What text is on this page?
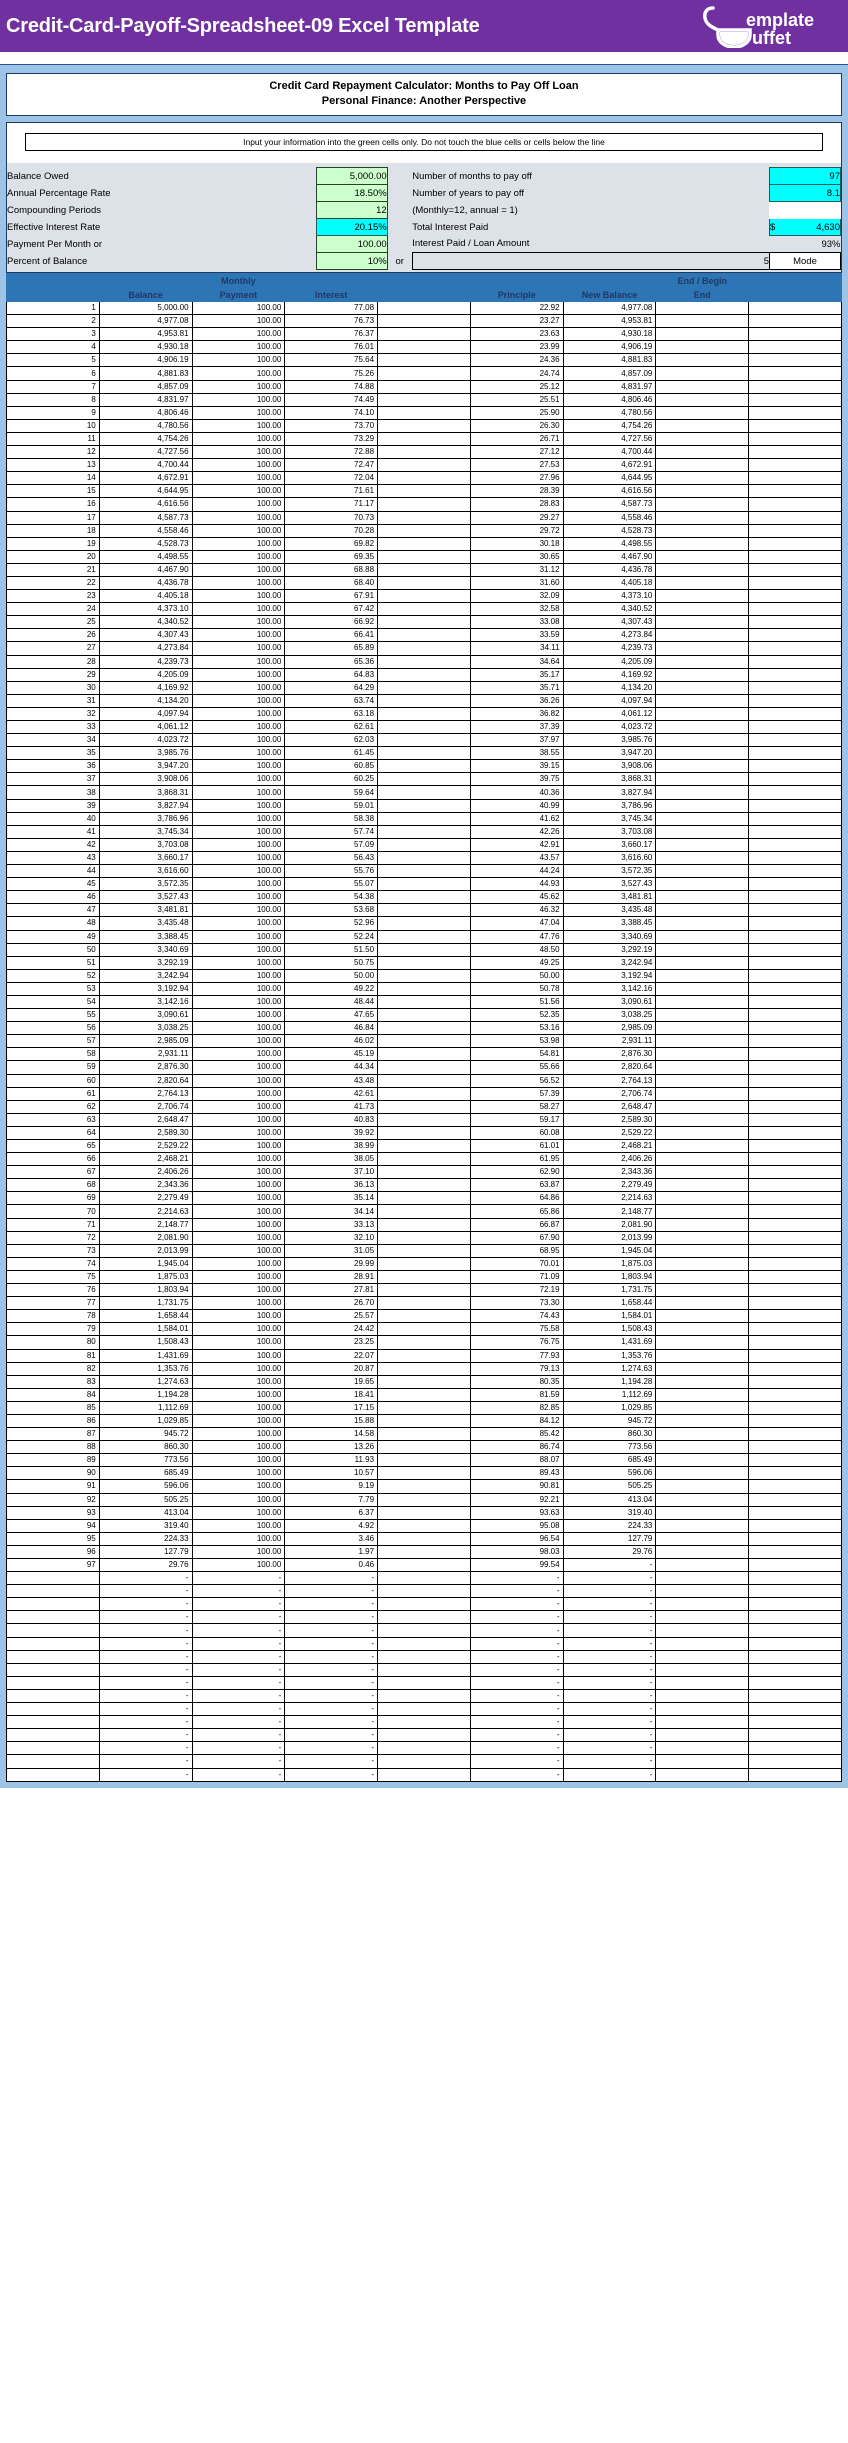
Credit-Card-Payoff-Spreadsheet-09 Excel Template	emplate
uffet
Credit Card Repayment Calculator: Months to Pay Off Loan
Personal Finance: Another Perspective
Input your information into the green cells only. Do not touch the blue cells or cells below the line
Balance Owed	5,000.00		Number of months to pay off	97
Annual Percentage Rate	18.50%		Number of years to pay off	8.1
Compounding Periods	12		(Monthly=12, annual = 1)	
Effective Interest Rate	20.15%		Total Interest Paid	$ 4,630

Payment Per Month or	100.00		Interest Paid / Loan Amount	93%
Percent of Balance	10%	or	5	Mode
		Monthly					End / Begin	
	Balance	Payment	Interest		Principle	New Balance	End	
1	5,000.00	100.00	77.08		22.92	4,977.08		
2	4,977.08	100.00	76.73		23.27	4,953.81		
3	4,953.81	100.00	76.37		23.63	4,930.18		
4	4,930.18	100.00	76.01		23.99	4,906.19		
5	4,906.19	100.00	75.64		24.36	4,881.83		
6	4,881.83	100.00	75.26		24.74	4,857.09		
7	4,857.09	100.00	74.88		25.12	4,831.97		
8	4,831.97	100.00	74.49		25.51	4,806.46		
9	4,806.46	100.00	74.10		25.90	4,780.56		
10	4,780.56	100.00	73.70		26.30	4,754.26		
11	4,754.26	100.00	73.29		26.71	4,727.56		
12	4,727.56	100.00	72.88		27.12	4,700.44		
13	4,700.44	100.00	72.47		27.53	4,672.91		
14	4,672.91	100.00	72.04		27.96	4,644.95		
15	4,644.95	100.00	71.61		28.39	4,616.56		
16	4,616.56	100.00	71.17		28.83	4,587.73		
17	4,587.73	100.00	70.73		29.27	4,558.46		
18	4,558.46	100.00	70.28		29.72	4,528.73		
19	4,528.73	100.00	69.82		30.18	4,498.55		
20	4,498.55	100.00	69.35		30.65	4,467.90		
21	4,467.90	100.00	68.88		31.12	4,436.78		
22	4,436.78	100.00	68.40		31.60	4,405.18		
23	4,405.18	100.00	67.91		32.09	4,373.10		
24	4,373.10	100.00	67.42		32.58	4,340.52		
25	4,340.52	100.00	66.92		33.08	4,307.43		
26	4,307.43	100.00	66.41		33.59	4,273.84		
27	4,273.84	100.00	65.89		34.11	4,239.73		
28	4,239.73	100.00	65.36		34.64	4,205.09		
29	4,205.09	100.00	64.83		35.17	4,169.92		
30	4,169.92	100.00	64.29		35.71	4,134.20		
31	4,134.20	100.00	63.74		36.26	4,097.94		
32	4,097.94	100.00	63.18		36.82	4,061.12		
33	4,061.12	100.00	62.61		37.39	4,023.72		
34	4,023.72	100.00	62.03		37.97	3,985.76		
35	3,985.76	100.00	61.45		38.55	3,947.20		
36	3,947.20	100.00	60.85		39.15	3,908.06		
37	3,908.06	100.00	60.25		39.75	3,868.31		
38	3,868.31	100.00	59.64		40.36	3,827.94		
39	3,827.94	100.00	59.01		40.99	3,786.96		
40	3,786.96	100.00	58.38		41.62	3,745.34		
41	3,745.34	100.00	57.74		42.26	3,703.08		
42	3,703.08	100.00	57.09		42.91	3,660.17		
43	3,660.17	100.00	56.43		43.57	3,616.60		
44	3,616.60	100.00	55.76		44.24	3,572.35		
45	3,572.35	100.00	55.07		44.93	3,527.43		
46	3,527.43	100.00	54.38		45.62	3,481.81		
47	3,481.81	100.00	53.68		46.32	3,435.48		
48	3,435.48	100.00	52.96		47.04	3,388.45		
49	3,388.45	100.00	52.24		47.76	3,340.69		
50	3,340.69	100.00	51.50		48.50	3,292.19		
51	3,292.19	100.00	50.75		49.25	3,242.94		
52	3,242.94	100.00	50.00		50.00	3,192.94		
53	3,192.94	100.00	49.22		50.78	3,142.16		
54	3,142.16	100.00	48.44		51.56	3,090.61		
55	3,090.61	100.00	47.65		52.35	3,038.25		
56	3,038.25	100.00	46.84		53.16	2,985.09		
57	2,985.09	100.00	46.02		53.98	2,931.11		
58	2,931.11	100.00	45.19		54.81	2,876.30		
59	2,876.30	100.00	44.34		55.66	2,820.64		
60	2,820.64	100.00	43.48		56.52	2,764.13		
61	2,764.13	100.00	42.61		57.39	2,706.74		
62	2,706.74	100.00	41.73		58.27	2,648.47		
63	2,648.47	100.00	40.83		59.17	2,589.30		
64	2,589.30	100.00	39.92		60.08	2,529.22		
65	2,529.22	100.00	38.99		61.01	2,468.21		
66	2,468.21	100.00	38.05		61.95	2,406.26		
67	2,406.26	100.00	37.10		62.90	2,343.36		
68	2,343.36	100.00	36.13		63.87	2,279.49		
69	2,279.49	100.00	35.14		64.86	2,214.63		
70	2,214.63	100.00	34.14		65.86	2,148.77		
71	2,148.77	100.00	33.13		66.87	2,081.90		
72	2,081.90	100.00	32.10		67.90	2,013.99		
73	2,013.99	100.00	31.05		68.95	1,945.04		
74	1,945.04	100.00	29.99		70.01	1,875.03		
75	1,875.03	100.00	28.91		71.09	1,803.94		
76	1,803.94	100.00	27.81		72.19	1,731.75		
77	1,731.75	100.00	26.70		73.30	1,658.44		
78	1,658.44	100.00	25.57		74.43	1,584.01		
79	1,584.01	100.00	24.42		75.58	1,508.43		
80	1,508.43	100.00	23.25		76.75	1,431.69		
81	1,431.69	100.00	22.07		77.93	1,353.76		
82	1,353.76	100.00	20.87		79.13	1,274.63		
83	1,274.63	100.00	19.65		80.35	1,194.28		
84	1,194.28	100.00	18.41		81.59	1,112.69		
85	1,112.69	100.00	17.15		82.85	1,029.85		
86	1,029.85	100.00	15.88		84.12	945.72		
87	945.72	100.00	14.58		85.42	860.30		
88	860.30	100.00	13.26		86.74	773.56		
89	773.56	100.00	11.93		88.07	685.49		
90	685.49	100.00	10.57		89.43	596.06		
91	596.06	100.00	9.19		90.81	505.25		
92	505.25	100.00	7.79		92.21	413.04		
93	413.04	100.00	6.37		93.63	319.40		
94	319.40	100.00	4.92		95.08	224.33		
95	224.33	100.00	3.46		96.54	127.79		
96	127.79	100.00	1.97		98.03	29.76		
97	29.76	100.00	0.46		99.54	-		
	-	-	-		-	-		
	-	-	-		-	-		
	-	-	-		-	-		
	-	-	-		-	-		
	-	-	-		-	-		
	-	-	-		-	-		
	-	-	-		-	-		
	-	-	-		-	-		
	-	-	-		-	-		
	-	-	-		-	-		
	-	-	-		-	-		
	-	-	-		-	-		
	-	-	-		-	-		
	-	-	-		-	-		
	-	-	-		-	-		
	-	-	-		-	-		
